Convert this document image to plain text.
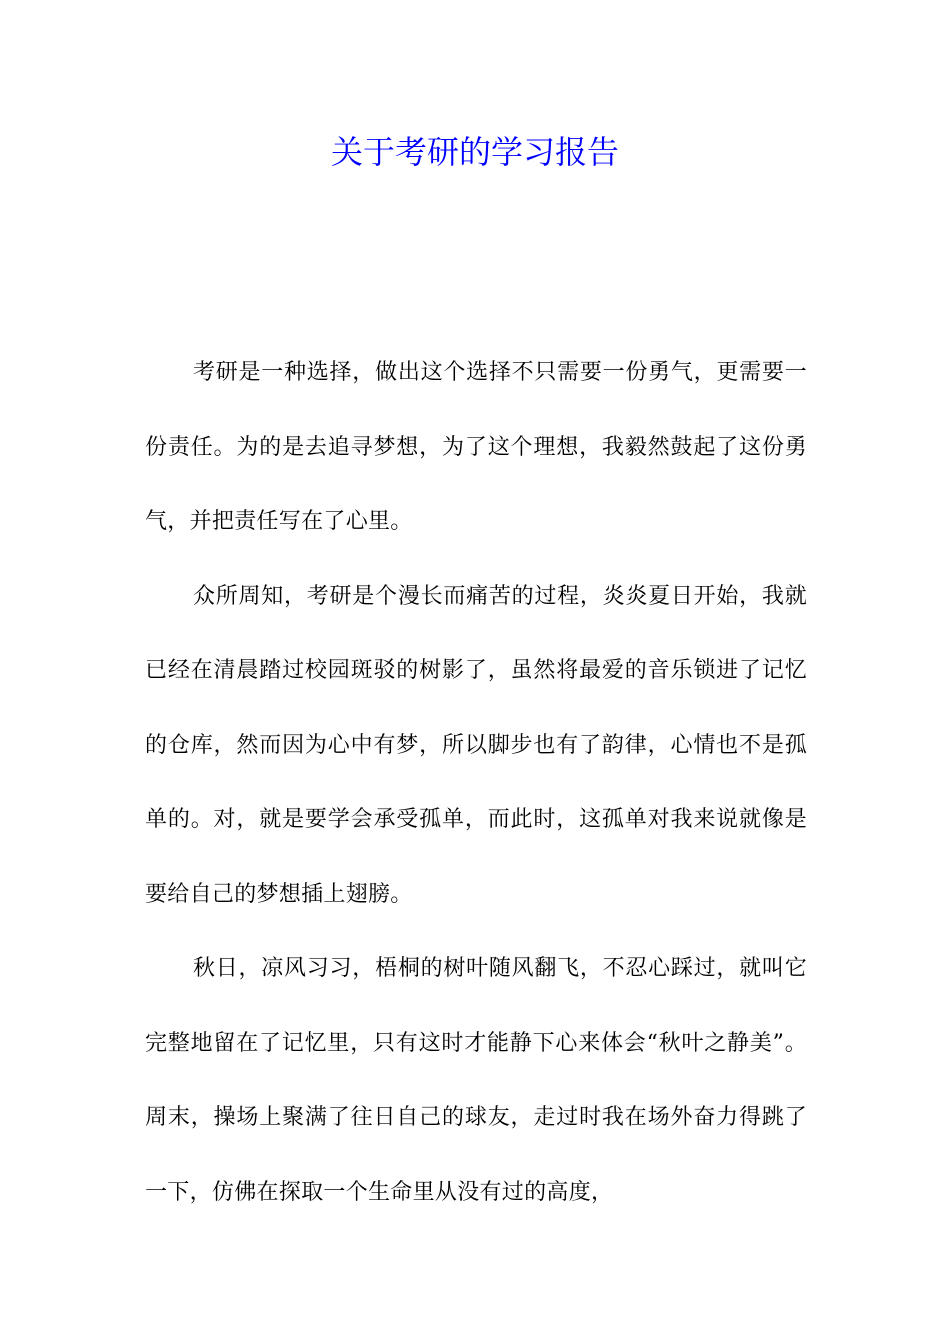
关于考研的学习报告

考研是一种选择，做出这个选择不只需要一份勇气，更需要一份责任。为的是去追寻梦想，为了这个理想，我毅然鼓起了这份勇气，并把责任写在了心里。

众所周知，考研是个漫长而痛苦的过程，炎炎夏日开始，我就已经在清晨踏过校园斑驳的树影了，虽然将最爱的音乐锁进了记忆的仓库，然而因为心中有梦，所以脚步也有了韵律，心情也不是孤单的。对，就是要学会承受孤单，而此时，这孤单对我来说就像是要给自己的梦想插上翅膀。

秋日，凉风习习，梧桐的树叶随风翻飞，不忍心踩过，就叫它完整地留在了记忆里，只有这时才能静下心来体会“秋叶之静美”。周末，操场上聚满了往日自己的球友，走过时我在场外奋力得跳了一下，仿佛在探取一个生命里从没有过的高度，
